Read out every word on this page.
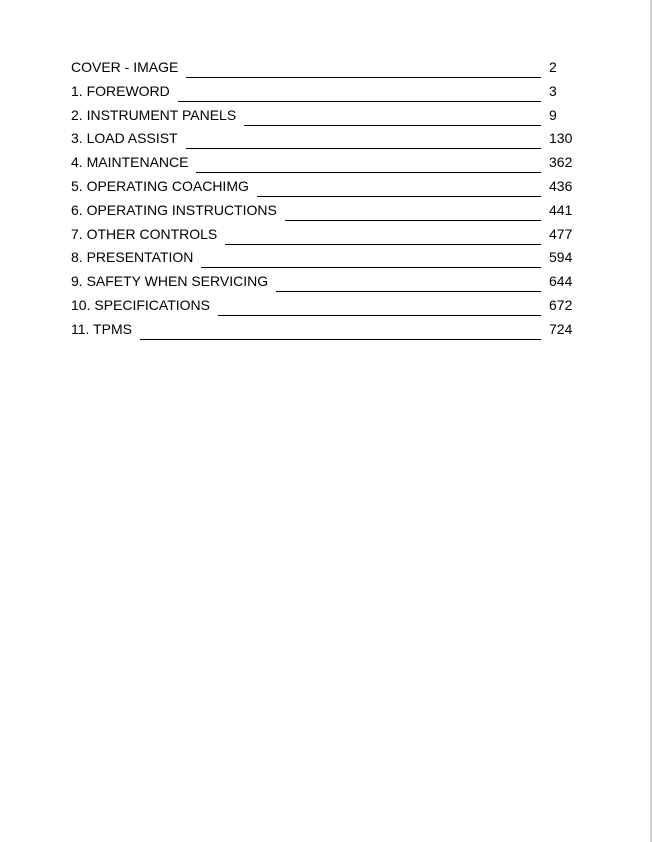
COVER - IMAGE	2
1. FOREWORD	3
2. INSTRUMENT PANELS	9
3. LOAD ASSIST	130
4. MAINTENANCE	362
5. OPERATING COACHIMG	436
6. OPERATING INSTRUCTIONS	441
7. OTHER CONTROLS	477
8. PRESENTATION	594
9. SAFETY WHEN SERVICING	644
10. SPECIFICATIONS	672
11. TPMS	724
